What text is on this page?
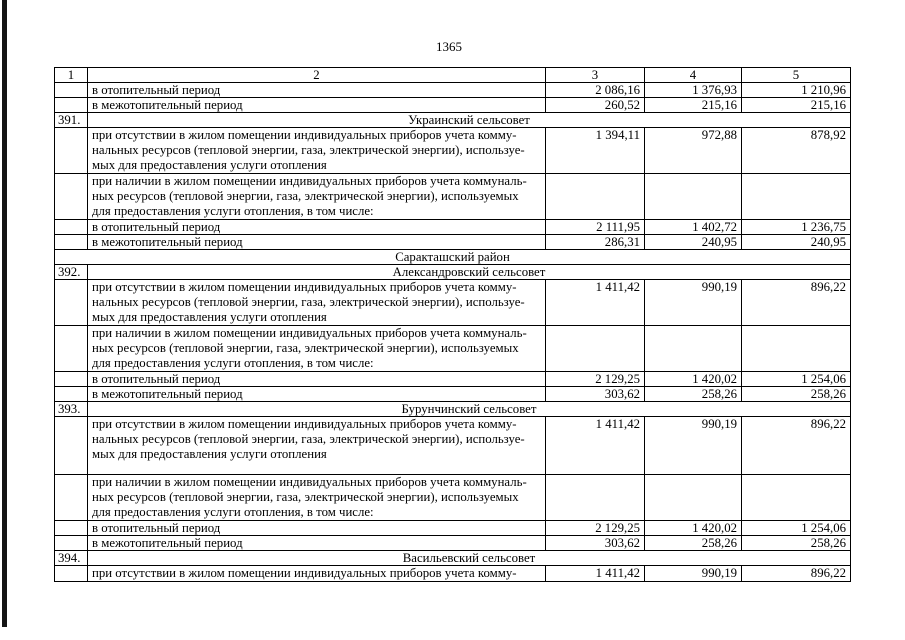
1365
1	2	3	4	5
	в отопительный период	2 086,16	1 376,93	1 210,96
	в межотопительный период	260,52	215,16	215,16
391.	Украинский сельсовет			

	при отсутствии в жилом помещении индивидуальных приборов учета комму-
нальных ресурсов (тепловой энергии, газа, электрической энергии), используе-
мых для предоставления услуги отопления	1 394,11	972,88	878,92

	при наличии в жилом помещении индивидуальных приборов учета коммуналь-
ных ресурсов (тепловой энергии, газа, электрической энергии), используемых
для предоставления услуги отопления, в том числе:			

	в отопительный период	2 111,95	1 402,72	1 236,75
	в межотопительный период	286,31	240,95	240,95
Саракташский район				
392.	Александровский сельсовет			

	при отсутствии в жилом помещении индивидуальных приборов учета комму-
нальных ресурсов (тепловой энергии, газа, электрической энергии), используе-
мых для предоставления услуги отопления	1 411,42	990,19	896,22

	при наличии в жилом помещении индивидуальных приборов учета коммуналь-
ных ресурсов (тепловой энергии, газа, электрической энергии), используемых
для предоставления услуги отопления, в том числе:			

	в отопительный период	2 129,25	1 420,02	1 254,06
	в межотопительный период	303,62	258,26	258,26
393.	Бурунчинский сельсовет			

	при отсутствии в жилом помещении индивидуальных приборов учета комму-
нальных ресурсов (тепловой энергии, газа, электрической энергии), используе-
мых для предоставления услуги отопления	1 411,42	990,19	896,22

	при наличии в жилом помещении индивидуальных приборов учета коммуналь-
ных ресурсов (тепловой энергии, газа, электрической энергии), используемых
для предоставления услуги отопления, в том числе:			

	в отопительный период	2 129,25	1 420,02	1 254,06
	в межотопительный период	303,62	258,26	258,26
394.	Васильевский сельсовет			

	при отсутствии в жилом помещении индивидуальных приборов учета комму-	1 411,42	990,19	896,22
